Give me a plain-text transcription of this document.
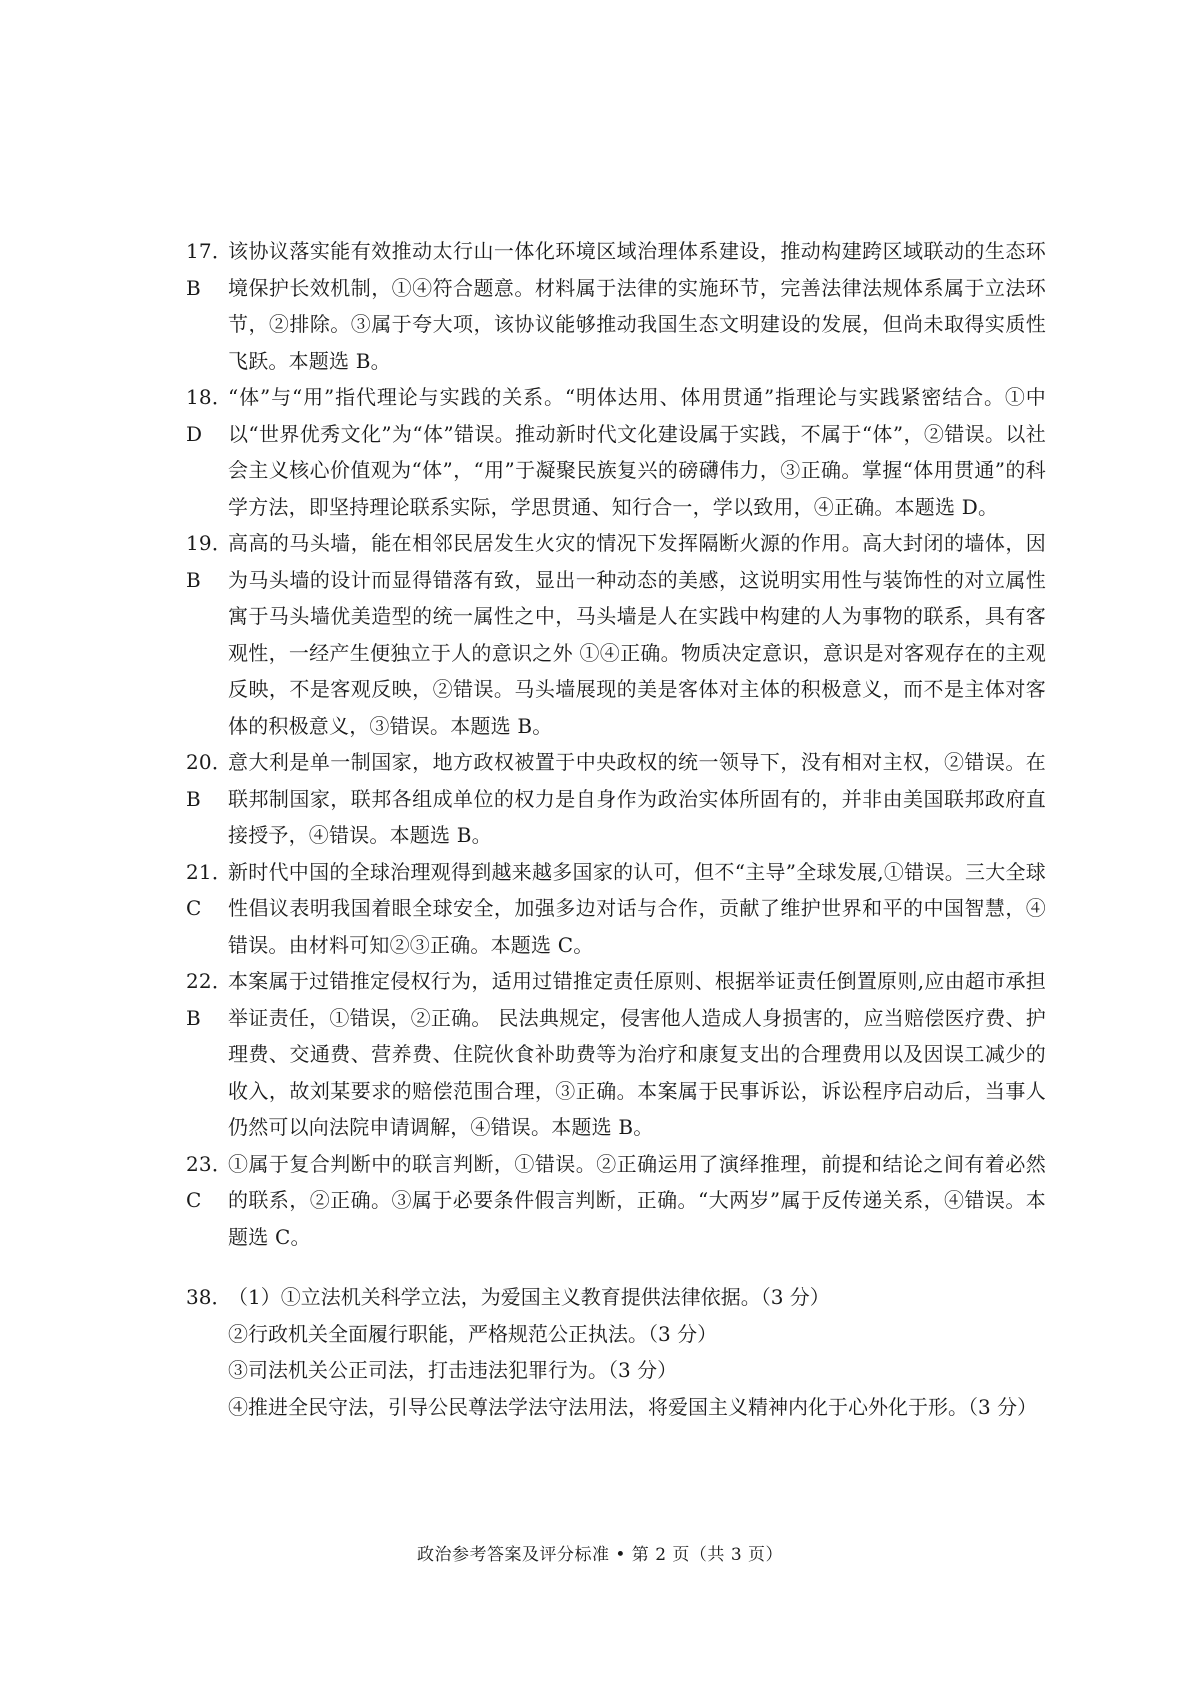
17．B
该协议落实能有效推动太行山一体化环境区域治理体系建设，推动构建跨区域联动的生态环境保护长效机制，①④符合题意。材料属于法律的实施环节，完善法律法规体系属于立法环节，②排除。③属于夸大项，该协议能够推动我国生态文明建设的发展，但尚未取得实质性飞跃。本题选 B。
18．D
“体”与“用”指代理论与实践的关系。“明体达用、体用贯通”指理论与实践紧密结合。①中以“世界优秀文化”为“体”错误。推动新时代文化建设属于实践，不属于“体”，②错误。以社会主义核心价值观为“体”，“用”于凝聚民族复兴的磅礴伟力，③正确。掌握“体用贯通”的科学方法，即坚持理论联系实际，学思贯通、知行合一，学以致用，④正确。本题选 D。
19．B
高高的马头墙，能在相邻民居发生火灾的情况下发挥隔断火源的作用。高大封闭的墙体，因为马头墙的设计而显得错落有致，显出一种动态的美感，这说明实用性与装饰性的对立属性寓于马头墙优美造型的统一属性之中，马头墙是人在实践中构建的人为事物的联系，具有客观性，一经产生便独立于人的意识之外 ①④正确。物质决定意识，意识是对客观存在的主观反映，不是客观反映，②错误。马头墙展现的美是客体对主体的积极意义，而不是主体对客体的积极意义，③错误。本题选 B。
20．B
意大利是单一制国家，地方政权被置于中央政权的统一领导下，没有相对主权，②错误。在联邦制国家，联邦各组成单位的权力是自身作为政治实体所固有的，并非由美国联邦政府直接授予，④错误。本题选 B。
21．C
新时代中国的全球治理观得到越来越多国家的认可，但不“主导”全球发展,①错误。三大全球性倡议表明我国着眼全球安全，加强多边对话与合作，贡献了维护世界和平的中国智慧，④错误。由材料可知②③正确。本题选 C。
22．B
本案属于过错推定侵权行为，适用过错推定责任原则、根据举证责任倒置原则,应由超市承担举证责任，①错误，②正确。 民法典规定，侵害他人造成人身损害的，应当赔偿医疗费、护理费、交通费、营养费、住院伙食补助费等为治疗和康复支出的合理费用以及因误工减少的收入，故刘某要求的赔偿范围合理，③正确。本案属于民事诉讼，诉讼程序启动后，当事人仍然可以向法院申请调解，④错误。本题选 B。
23．C
①属于复合判断中的联言判断，①错误。②正确运用了演绎推理，前提和结论之间有着必然的联系，②正确。③属于必要条件假言判断，正确。“大两岁”属于反传递关系，④错误。本题选 C。
38．
（1）①立法机关科学立法，为爱国主义教育提供法律依据。（3 分）
②行政机关全面履行职能，严格规范公正执法。（3 分）
③司法机关公正司法，打击违法犯罪行为。（3 分）
④推进全民守法，引导公民尊法学法守法用法，将爱国主义精神内化于心外化于形。（3 分）
政治参考答案及评分标准 • 第 2 页（共 3 页）
